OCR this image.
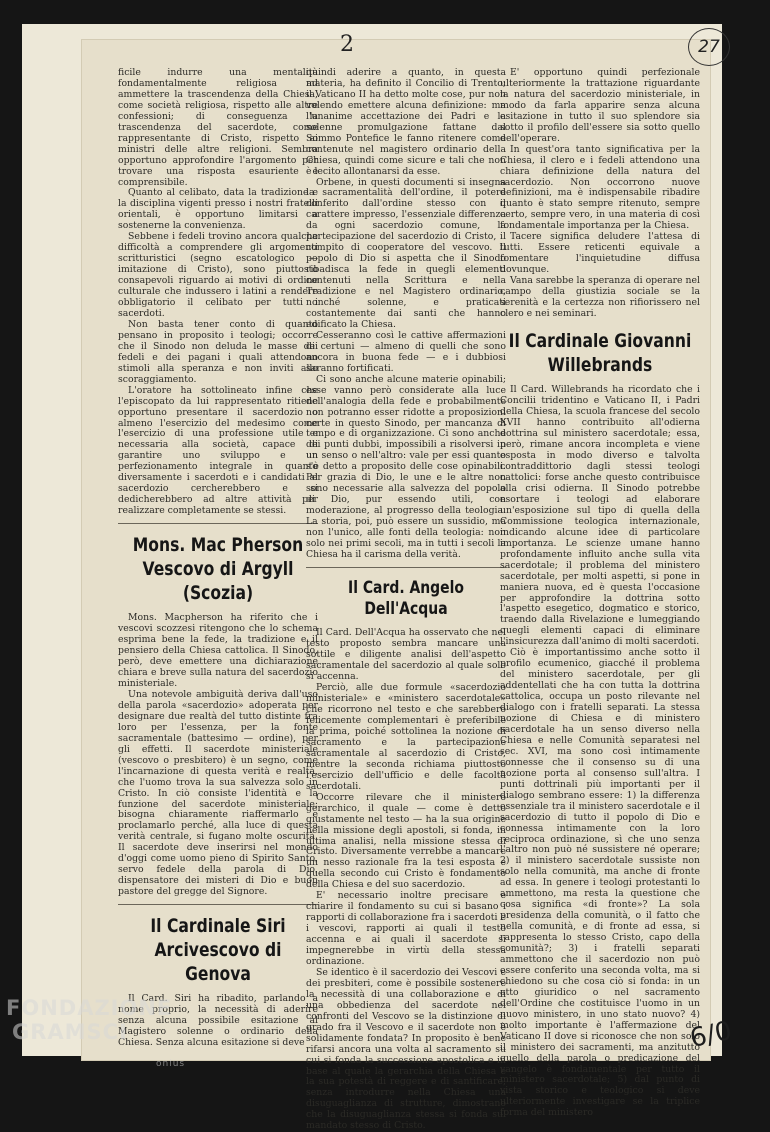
2	27

ficile indurre una mentalità fondamentalmente religiosa ad ammettere la trascendenza della Chiesa, come società religiosa, rispetto alle altre confessioni; di conseguenza la trascendenza del sacerdote, come rappresentante di Cristo, rispetto ai ministri delle altre religioni. Sembra opportuno approfondire l'argomento per trovare una risposta esauriente e comprensibile.

Quanto al celibato, data la tradizione e la disciplina vigenti presso i nostri fratelli orientali, è opportuno limitarsi a sostenerne la convenienza.

Sebbene i fedeli trovino ancora qualche difficoltà a comprendere gli argomenti scritturistici (segno escatologico — imitazione di Cristo), sono piuttosto consapevoli riguardo ai motivi di ordine culturale che indussero i latini a rendere obbligatorio il celibato per tutti i sacerdoti.

Non basta tener conto di quanto pensano in proposito i teologi; occorre che il Sinodo non deluda le masse dei fedeli e dei pagani i quali attendono stimoli alla speranza e non inviti allo scoraggiamento.

L'oratore ha sottolineato infine che l'episcopato da lui rappresentato ritiene opportuno presentare il sacerdozio o almeno l'esercizio del medesimo come l'esercizio di una professione utile e necessaria alla società, capace di garantire uno sviluppo e un perfezionamento integrale in quanto diversamente i sacerdoti e i candidati al sacerdozio cercherebbero e si dedicherebbero ad altre attività per realizzare completamente se stessi.

Mons. Mac Pherson Vescovo di Argyll (Scozia)

Mons. Macpherson ha riferito che i vescovi scozzesi ritengono che lo schema esprima bene la fede, la tradizione e il pensiero della Chiesa cattolica. Il Sinodo, però, deve emettere una dichiarazione chiara e breve sulla natura del sacerdozio ministeriale.

Una notevole ambiguità deriva dall'uso della parola «sacerdozio» adoperata per designare due realtà del tutto distinte fra loro per l'essenza, per la fonte sacramentale (battesimo — ordine), per gli effetti. Il sacerdote ministeriale (vescovo o presbitero) è un segno, come l'incarnazione di questa verità e realtà, che l'uomo trova la sua salvezza solo in Cristo. In ciò consiste l'identità e la funzione del sacerdote ministeriale; bisogna chiaramente riaffermarlo e proclamarlo perché, alla luce di questa verità centrale, si fugano molte oscurità. Il sacerdote deve inserirsi nel mondo d'oggi come uomo pieno di Spirito Santo, servo fedele della parola di Dio, dispensatore dei misteri di Dio e buon pastore del gregge del Signore.

Il Cardinale Siri Arcivescovo di Genova

Il Card. Siri ha ribadito, parlando a nome proprio, la necessità di aderire senza alcuna possibile esitazione al Magistero solenne o ordinario della Chiesa. Senza alcuna esitazione si deve

quindi aderire a quanto, in questa materia, ha definito il Concilio di Trento; il Vaticano II ha detto molte cose, pur non volendo emettere alcuna definizione: ma l'unanime accettazione dei Padri e la solenne promulgazione fattane dal Sommo Pontefice le fanno ritenere come contenute nel magistero ordinario della Chiesa, quindi come sicure e tali che non è lecito allontanarsi da esse.

Orbene, in questi documenti si insegna la sacramentalità dell'ordine, il potere conferito dall'ordine stesso con il carattere impresso, l'essenziale differenza da ogni sacerdozio comune, la partecipazione del sacerdozio di Cristo, il compito di cooperatore del vescovo. Il popolo di Dio si aspetta che il Sinodo ribadisca la fede in quegli elementi contenuti nella Scrittura e nella Tradizione e nel Magistero ordinario, nonché solenne, e praticati costantemente dai santi che hanno edificato la Chiesa.

Cesseranno così le cattive affermazioni di certuni — almeno di quelli che sono ancora in buona fede — e i dubbiosi saranno fortificati.

Ci sono anche alcune materie opinabili; esse vanno però considerate alla luce dell'analogia della fede e probabilmente non potranno esser ridotte a proposizioni certe in questo Sinodo, per mancanza di tempo e di organizzazione. Ci sono anche dei punti dubbi, impossibili a risolversi in un senso o nell'altro: vale per essi quanto s'è detto a proposito delle cose opinabili. Per grazia di Dio, le une e le altre non sono necessarie alla salvezza del popolo di Dio, pur essendo utili, con moderazione, al progresso della teologia. La storia, poi, può essere un sussidio, ma non l'unico, alle fonti della teologia: non solo nei primi secoli, ma in tutti i secoli la Chiesa ha il carisma della verità.

Il Card. Angelo Dell'Acqua

Il Card. Dell'Acqua ha osservato che nel testo proposto sembra mancare una sottile e diligente analisi dell'aspetto sacramentale del sacerdozio al quale solo si accenna.

Perciò, alle due formule «sacerdozio ministeriale» e «ministero sacerdotale» che ricorrono nel testo e che sarebbero felicemente complementari è preferibile la prima, poiché sottolinea la nozione di sacramento e la partecipazione sacramentale al sacerdozio di Cristo, mentre la seconda richiama piuttosto l'esercizio dell'ufficio e delle facoltà sacerdotali.

Occorre rilevare che il ministero gerarchico, il quale — come è detto giustamente nel testo — ha la sua origine nella missione degli apostoli, si fonda, in ultima analisi, nella missione stessa di Cristo. Diversamente verrebbe a mancare un nesso razionale fra la tesi esposta e quella secondo cui Cristo è fondamento della Chiesa e del suo sacerdozio.

E' necessario inoltre precisare e chiarire il fondamento su cui si basano i rapporti di collaborazione fra i sacerdoti e i vescovi, rapporti ai quali il testo accenna e ai quali il sacerdote si impegnerebbe in virtù della stessa ordinazione.

Se identico è il sacerdozio dei Vescovi e dei presbiteri, come è possibile sostenere la necessità di una collaborazione e di una obbedienza del sacerdote nei confronti del Vescovo se la distinzione di grado fra il Vescovo e il sacerdote non è solidamente fondata? In proposito è bene rifarsi ancora una volta al sacramento su cui si fonda la successione apostolica e in base al quale la gerarchia della Chiesa e la sua potestà di reggere e di santificare, senza introdurre nella Chiesa una disuguaglianza di strutture, dimostrano che la disuguaglianza stessa si fonda sul mandato stesso di Cristo.

E' opportuno quindi perfezionale ulteriormente la trattazione riguardante la natura del sacerdozio ministeriale, in modo da farla apparire senza alcuna esitazione in tutto il suo splendore sia sotto il profilo dell'essere sia sotto quello dell'operare.

In quest'ora tanto significativa per la Chiesa, il clero e i fedeli attendono una chiara definizione della natura del sacerdozio. Non occorrono nuove definizioni, ma è indispensabile ribadire quanto è stato sempre ritenuto, sempre certo, sempre vero, in una materia di così fondamentale importanza per la Chiesa.

Tacere significa deludere l'attesa di tutti. Essere reticenti equivale a fomentare l'inquietudine diffusa dovunque.

Vana sarebbe la speranza di operare nel campo della giustizia sociale se la serenità e la certezza non rifiorissero nel clero e nei seminari.

Il Cardinale Giovanni Willebrands

Il Card. Willebrands ha ricordato che i Concilii tridentino e Vaticano II, i Padri della Chiesa, la scuola francese del secolo XVII hanno contribuito all'odierna dottrina sul ministero sacerdotale; essa, però, rimane ancora incompleta e viene esposta in modo diverso e talvolta contraddittorio dagli stessi teologi cattolici: forse anche questo contribuisce alla crisi odierna. Il Sinodo potrebbe esortare i teologi ad elaborare un'esposizione sul tipo di quella della Commissione teologica internazionale, indicando alcune idee di particolare importanza. Le scienze umane hanno profondamente influito anche sulla vita sacerdotale; il problema del ministero sacerdotale, per molti aspetti, si pone in maniera nuova, ed è questa l'occasione per approfondire la dottrina sotto l'aspetto esegetico, dogmatico e storico, traendo dalla Rivelazione e lumeggiando quegli elementi capaci di eliminare l'insicurezza dall'animo di molti sacerdoti.

Ciò è importantissimo anche sotto il profilo ecumenico, giacché il problema del ministero sacerdotale, per gli addentellati che ha con tutta la dottrina cattolica, occupa un posto rilevante nel dialogo con i fratelli separati. La stessa nozione di Chiesa e di ministero sacerdotale ha un senso diverso nella Chiesa e nelle Comunità separatesi nel sec. XVI, ma sono così intimamente connesse che il consenso su di una nozione porta al consenso sull'altra. I punti dottrinali più importanti per il dialogo sembrano essere: 1) la differenza essenziale tra il ministero sacerdotale e il sacerdozio di tutto il popolo di Dio e connessa intimamente con la loro reciproca ordinazione, sì che uno senza l'altro non può né sussistere né operare; 2) il ministero sacerdotale sussiste non solo nella comunità, ma anche di fronte ad essa. In genere i teologi protestanti lo ammettono, ma resta la questione che cosa significa «di fronte»? La sola presidenza della comunità, o il fatto che nella comunità, e di fronte ad essa, si rappresenta lo stesso Cristo, capo della comunità?; 3) i fratelli separati ammettono che il sacerdozio non può essere conferito una seconda volta, ma si chiedono su che cosa ciò si fonda: in un atto giuridico o nel sacramento dell'Ordine che costituisce l'uomo in un nuovo ministero, in uno stato nuovo? 4) molto importante è l'affermazione del Vaticano II dove si riconosce che non solo il ministero dei sacramenti, ma anzitutto quello della parola o predicazione del vangelo è fondamentale per tutto il ministero sacerdotale; 5) dal punto di vista storico e teologico si deve ulteriormente investigare se la triplice forma del ministero

6/0
FONDAZIONE
GRAMSCI
onlus
